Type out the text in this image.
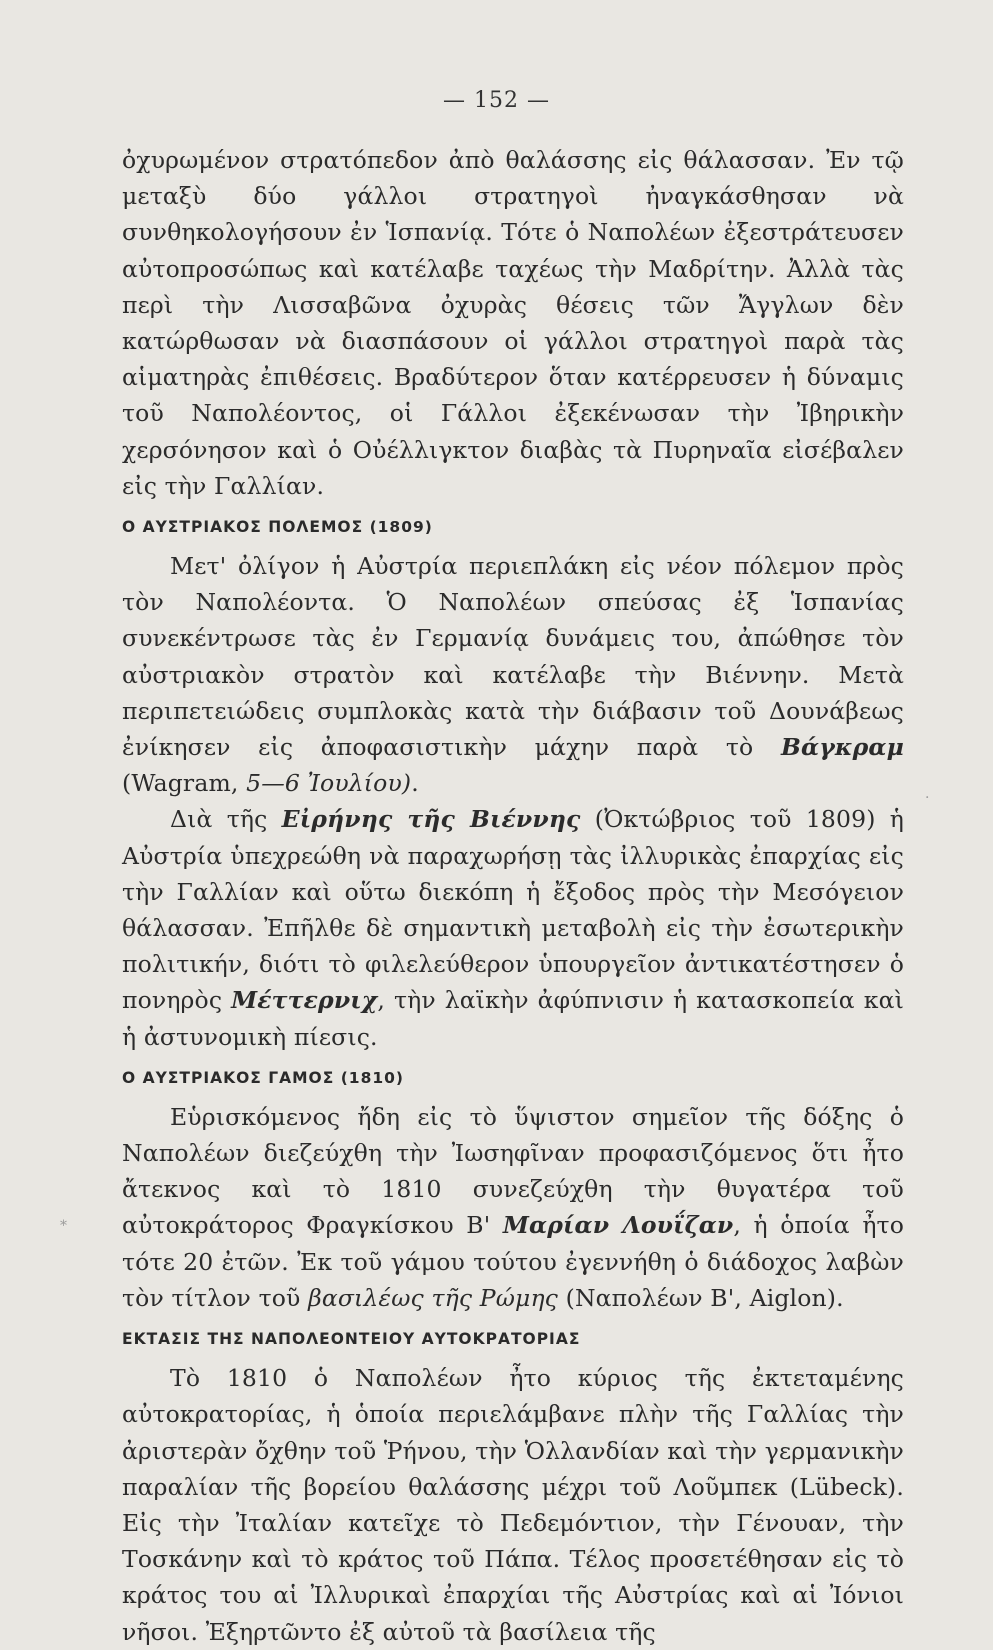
— 152 —
·
*

ὀχυρωμένον στρατόπεδον ἀπὸ θαλάσσης εἰς θάλασσαν. Ἐν τῷ μεταξὺ δύο γάλλοι στρατηγοὶ ἠναγκάσθησαν νὰ συνθηκολογήσουν ἐν Ἱσπανίᾳ. Τότε ὁ Ναπολέων ἐξεστράτευσεν αὐτοπροσώπως καὶ κατέλαβε ταχέως τὴν Μαδρίτην. Ἀλλὰ τὰς περὶ τὴν Λισσαβῶνα ὀχυρὰς θέσεις τῶν Ἄγγλων δὲν κατώρθωσαν νὰ διασπάσουν οἱ γάλλοι στρατηγοὶ παρὰ τὰς αἱματηρὰς ἐπιθέσεις. Βραδύτερον ὅταν κατέρρευσεν ἡ δύναμις τοῦ Ναπολέοντος, οἱ Γάλλοι ἐξεκένωσαν τὴν Ἰβηρικὴν χερσόνησον καὶ ὁ Οὐέλλιγκτον διαβὰς τὰ Πυρηναῖα εἰσέβαλεν εἰς τὴν Γαλλίαν.

Ο ΑΥΣΤΡΙΑΚΟΣ ΠΟΛΕΜΟΣ (1809)

Μετ' ὀλίγον ἡ Αὐστρία περιεπλάκη εἰς νέον πόλεμον πρὸς τὸν Ναπολέοντα. Ὁ Ναπολέων σπεύσας ἐξ Ἱσπανίας συνεκέντρωσε τὰς ἐν Γερμανίᾳ δυνάμεις του, ἀπώθησε τὸν αὐστριακὸν στρατὸν καὶ κατέλαβε τὴν Βιέννην. Μετὰ περιπετειώδεις συμπλοκὰς κατὰ τὴν διάβασιν τοῦ Δουνάβεως ἐνίκησεν εἰς ἀποφασιστικὴν μάχην παρὰ τὸ Βάγκραμ (Wagram, 5—6 Ἰουλίου).

Διὰ τῆς Εἰρήνης τῆς Βιέννης (Ὀκτώβριος τοῦ 1809) ἡ Αὐστρία ὑπεχρεώθη νὰ παραχωρήσῃ τὰς ἰλλυρικὰς ἐπαρχίας εἰς τὴν Γαλλίαν καὶ οὕτω διεκόπη ἡ ἔξοδος πρὸς τὴν Μεσόγειον θάλασσαν. Ἐπῆλθε δὲ σημαντικὴ μεταβολὴ εἰς τὴν ἐσωτερικὴν πολιτικήν, διότι τὸ φιλελεύθερον ὑπουργεῖον ἀντικατέστησεν ὁ πονηρὸς Μέττερνιχ, τὴν λαϊκὴν ἀφύπνισιν ἡ κατασκοπεία καὶ ἡ ἀστυνομικὴ πίεσις.

Ο ΑΥΣΤΡΙΑΚΟΣ ΓΑΜΟΣ (1810)

Εὑρισκόμενος ἤδη εἰς τὸ ὕψιστον σημεῖον τῆς δόξης ὁ Ναπολέων διεζεύχθη τὴν Ἰωσηφῖναν προφασιζόμενος ὅτι ἦτο ἄτεκνος καὶ τὸ 1810 συνεζεύχθη τὴν θυγατέρα τοῦ αὐτοκράτορος Φραγκίσκου Β' Μαρίαν Λουΐζαν, ἡ ὁποία ἦτο τότε 20 ἐτῶν. Ἐκ τοῦ γάμου τούτου ἐγεννήθη ὁ διάδοχος λαβὼν τὸν τίτλον τοῦ βασιλέως τῆς Ρώμης (Ναπολέων Β', Aiglon).

ΕΚΤΑΣΙΣ ΤΗΣ ΝΑΠΟΛΕΟΝΤΕΙΟΥ ΑΥΤΟΚΡΑΤΟΡΙΑΣ

Τὸ 1810 ὁ Ναπολέων ἦτο κύριος τῆς ἐκτεταμένης αὐτοκρατορίας, ἡ ὁποία περιελάμβανε πλὴν τῆς Γαλλίας τὴν ἀριστερὰν ὄχθην τοῦ Ῥήνου, τὴν Ὁλλανδίαν καὶ τὴν γερμανικὴν παραλίαν τῆς βορείου θαλάσσης μέχρι τοῦ Λοῦμπεκ (Lübeck). Εἰς τὴν Ἰταλίαν κατεῖχε τὸ Πεδεμόντιον, τὴν Γένουαν, τὴν Τοσκάνην καὶ τὸ κράτος τοῦ Πάπα. Τέλος προσετέθησαν εἰς τὸ κράτος του αἱ Ἰλλυρικαὶ ἐπαρχίαι τῆς Αὐστρίας καὶ αἱ Ἰόνιοι νῆσοι. Ἐξηρτῶντο ἐξ αὐτοῦ τὰ βασίλεια τῆς
